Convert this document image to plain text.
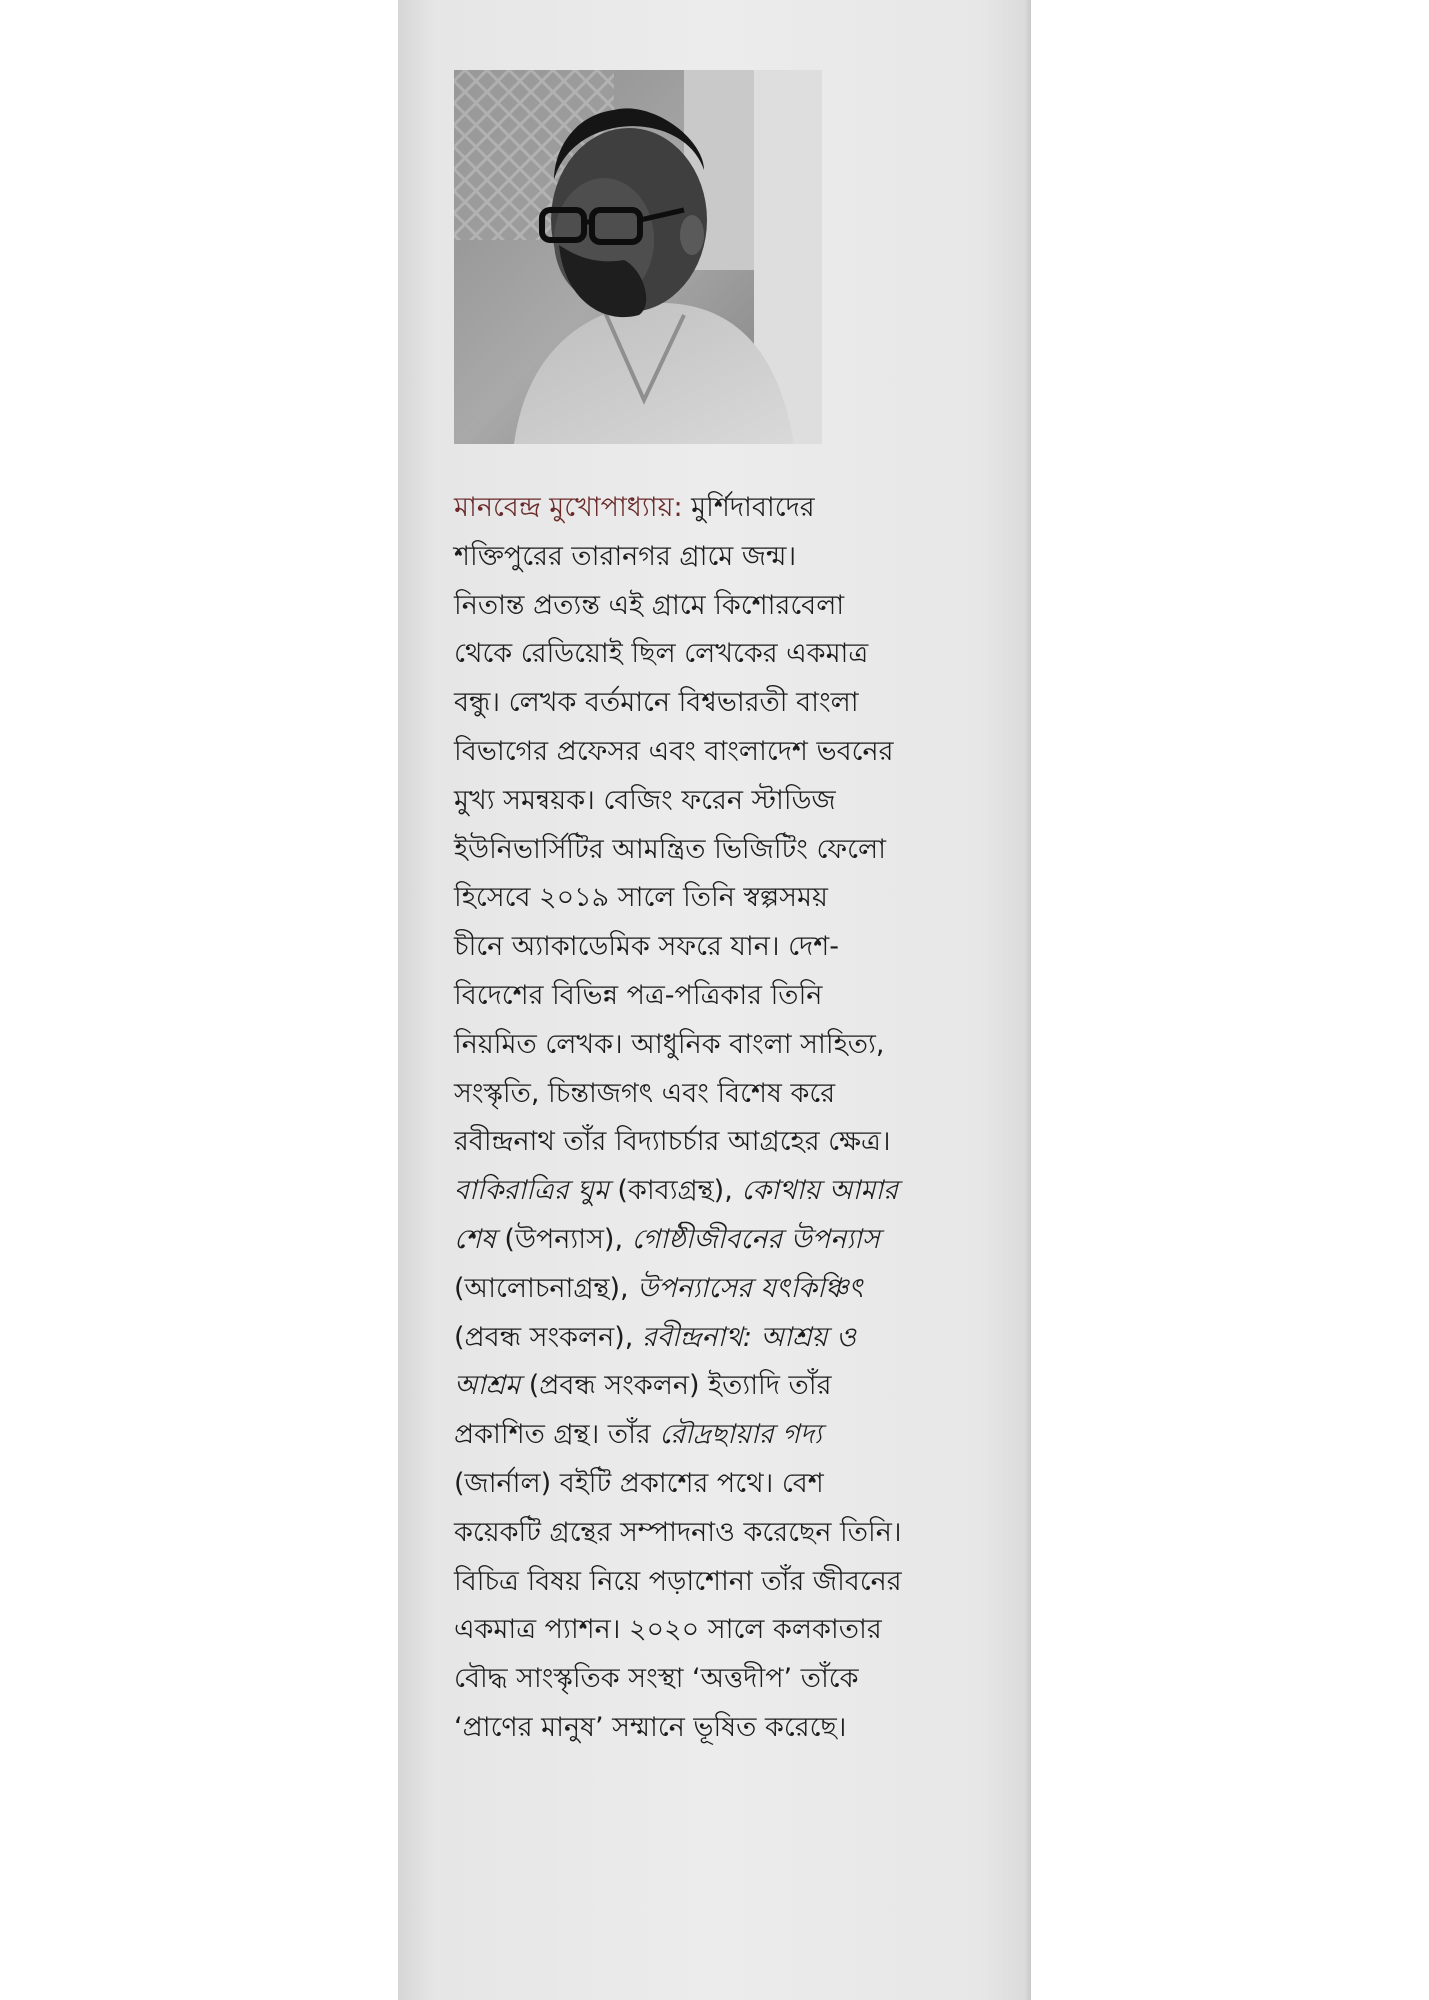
মানবেন্দ্র মুখোপাধ্যায়: মুর্শিদাবাদের
শক্তিপুরের তারানগর গ্রামে জন্ম।
নিতান্ত প্রত্যন্ত এই গ্রামে কিশোরবেলা
থেকে রেডিয়োই ছিল লেখকের একমাত্র
বন্ধু। লেখক বর্তমানে বিশ্বভারতী বাংলা
বিভাগের প্রফেসর এবং বাংলাদেশ ভবনের
মুখ্য সমন্বয়ক। বেজিং ফরেন স্টাডিজ
ইউনিভার্সিটির আমন্ত্রিত ভিজিটিং ফেলো
হিসেবে ২০১৯ সালে তিনি স্বল্পসময়
চীনে অ্যাকাডেমিক সফরে যান। দেশ-
বিদেশের বিভিন্ন পত্র-পত্রিকার তিনি
নিয়মিত লেখক। আধুনিক বাংলা সাহিত্য,
সংস্কৃতি, চিন্তাজগৎ এবং বিশেষ করে
রবীন্দ্রনাথ তাঁর বিদ্যাচর্চার আগ্রহের ক্ষেত্র।
বাকিরাত্রির ঘুম (কাব্যগ্রন্থ), কোথায় আমার
শেষ (উপন্যাস), গোষ্ঠীজীবনের উপন্যাস
(আলোচনাগ্রন্থ), উপন্যাসের যৎকিঞ্চিৎ
(প্রবন্ধ সংকলন), রবীন্দ্রনাথ: আশ্রয় ও
আশ্রম (প্রবন্ধ সংকলন) ইত্যাদি তাঁর
প্রকাশিত গ্রন্থ। তাঁর রৌদ্রছায়ার গদ্য
(জার্নাল) বইটি প্রকাশের পথে। বেশ
কয়েকটি গ্রন্থের সম্পাদনাও করেছেন তিনি।
বিচিত্র বিষয় নিয়ে পড়াশোনা তাঁর জীবনের
একমাত্র প্যাশন। ২০২০ সালে কলকাতার
বৌদ্ধ সাংস্কৃতিক সংস্থা ‘অত্তদীপ’ তাঁকে
‘প্রাণের মানুষ’ সম্মানে ভূষিত করেছে।
